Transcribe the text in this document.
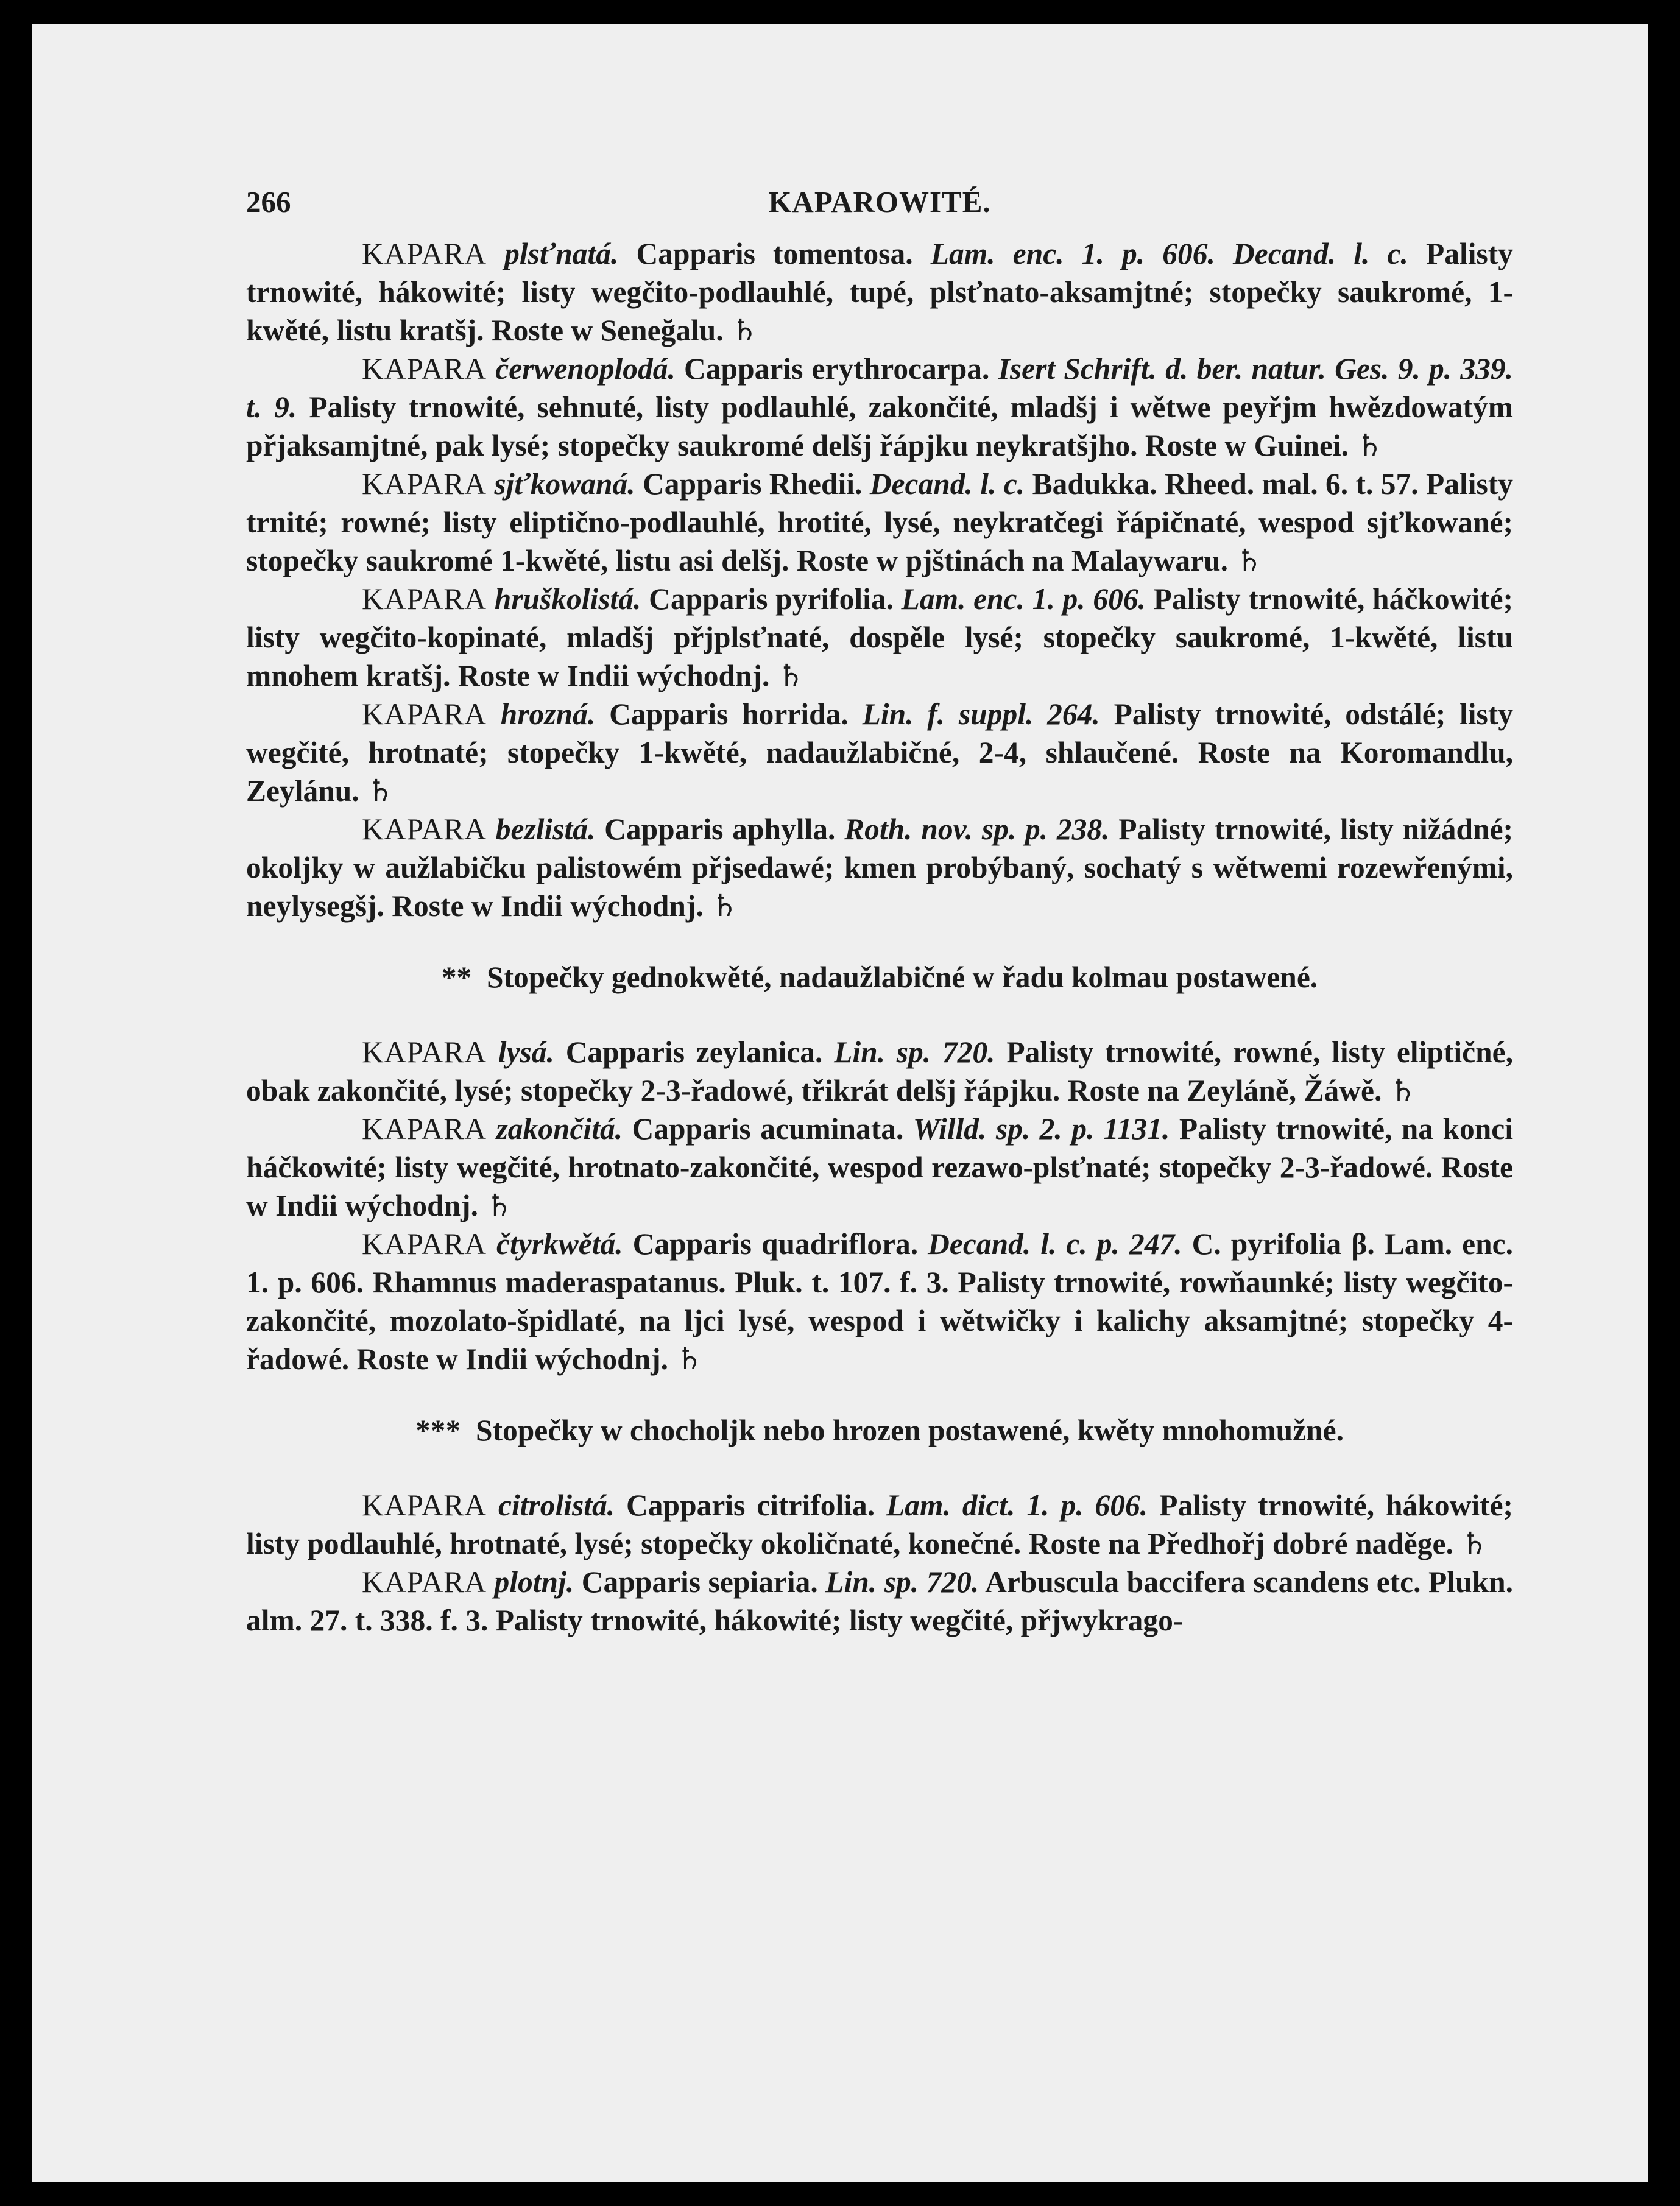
266	KAPAROWITÉ.

KAPARA plsťnatá. Capparis tomentosa. Lam. enc. 1. p. 606. Decand. l. c. Palisty trnowité, hákowité; listy wegčito-podlauhlé, tupé, plsťnato-aksamjtné; stopečky saukromé, 1-kwěté, listu kratšj. Roste w Seneğalu. ♄

KAPARA čerwenoplodá. Capparis erythrocarpa. Isert Schrift. d. ber. natur. Ges. 9. p. 339. t. 9. Palisty trnowité, sehnuté, listy podlauhlé, zakončité, mladšj i wětwe peyřjm hwězdowatým přjaksamjtné, pak lysé; stopečky saukromé delšj řápjku neykratšjho. Roste w Guinei. ♄

KAPARA sjťkowaná. Capparis Rhedii. Decand. l. c. Badukka. Rheed. mal. 6. t. 57. Palisty trnité; rowné; listy eliptično-podlauhlé, hrotité, lysé, neykratčegi řápičnaté, wespod sjťkowané; stopečky saukromé 1-kwěté, listu asi delšj. Roste w pjštinách na Malaywaru. ♄

KAPARA hruškolistá. Capparis pyrifolia. Lam. enc. 1. p. 606. Palisty trnowité, háčkowité; listy wegčito-kopinaté, mladšj přjplsťnaté, dospěle lysé; stopečky saukromé, 1-kwěté, listu mnohem kratšj. Roste w Indii wýchodnj. ♄

KAPARA hrozná. Capparis horrida. Lin. f. suppl. 264. Palisty trnowité, odstálé; listy wegčité, hrotnaté; stopečky 1-kwěté, nadaužlabičné, 2-4, shlaučené. Roste na Koromandlu, Zeylánu. ♄

KAPARA bezlistá. Capparis aphylla. Roth. nov. sp. p. 238. Palisty trnowité, listy nižádné; okoljky w aužlabičku palistowém přjsedawé; kmen probýbaný, sochatý s wětwemi rozewřenými, neylysegšj. Roste w Indii wýchodnj. ♄

** Stopečky gednokwěté, nadaužlabičné w řadu kolmau postawené.

KAPARA lysá. Capparis zeylanica. Lin. sp. 720. Palisty trnowité, rowné, listy eliptičné, obak zakončité, lysé; stopečky 2-3-řadowé, třikrát delšj řápjku. Roste na Zeyláně, Žáwě. ♄

KAPARA zakončitá. Capparis acuminata. Willd. sp. 2. p. 1131. Palisty trnowité, na konci háčkowité; listy wegčité, hrotnato-zakončité, wespod rezawo-plsťnaté; stopečky 2-3-řadowé. Roste w Indii wýchodnj. ♄

KAPARA čtyrkwětá. Capparis quadriflora. Decand. l. c. p. 247. C. pyrifolia β. Lam. enc. 1. p. 606. Rhamnus maderaspatanus. Pluk. t. 107. f. 3. Palisty trnowité, rowňaunké; listy wegčito-zakončité, mozolato-špidlaté, na ljci lysé, wespod i wětwičky i kalichy aksamjtné; stopečky 4-řadowé. Roste w Indii wýchodnj. ♄

*** Stopečky w chocholjk nebo hrozen postawené, kwěty mnohomužné.

KAPARA citrolistá. Capparis citrifolia. Lam. dict. 1. p. 606. Palisty trnowité, hákowité; listy podlauhlé, hrotnaté, lysé; stopečky okoličnaté, konečné. Roste na Předhořj dobré naděge. ♄

KAPARA plotnj. Capparis sepiaria. Lin. sp. 720. Arbuscula baccifera scandens etc. Plukn. alm. 27. t. 338. f. 3. Palisty trnowité, hákowité; listy wegčité, přjwykrago-
